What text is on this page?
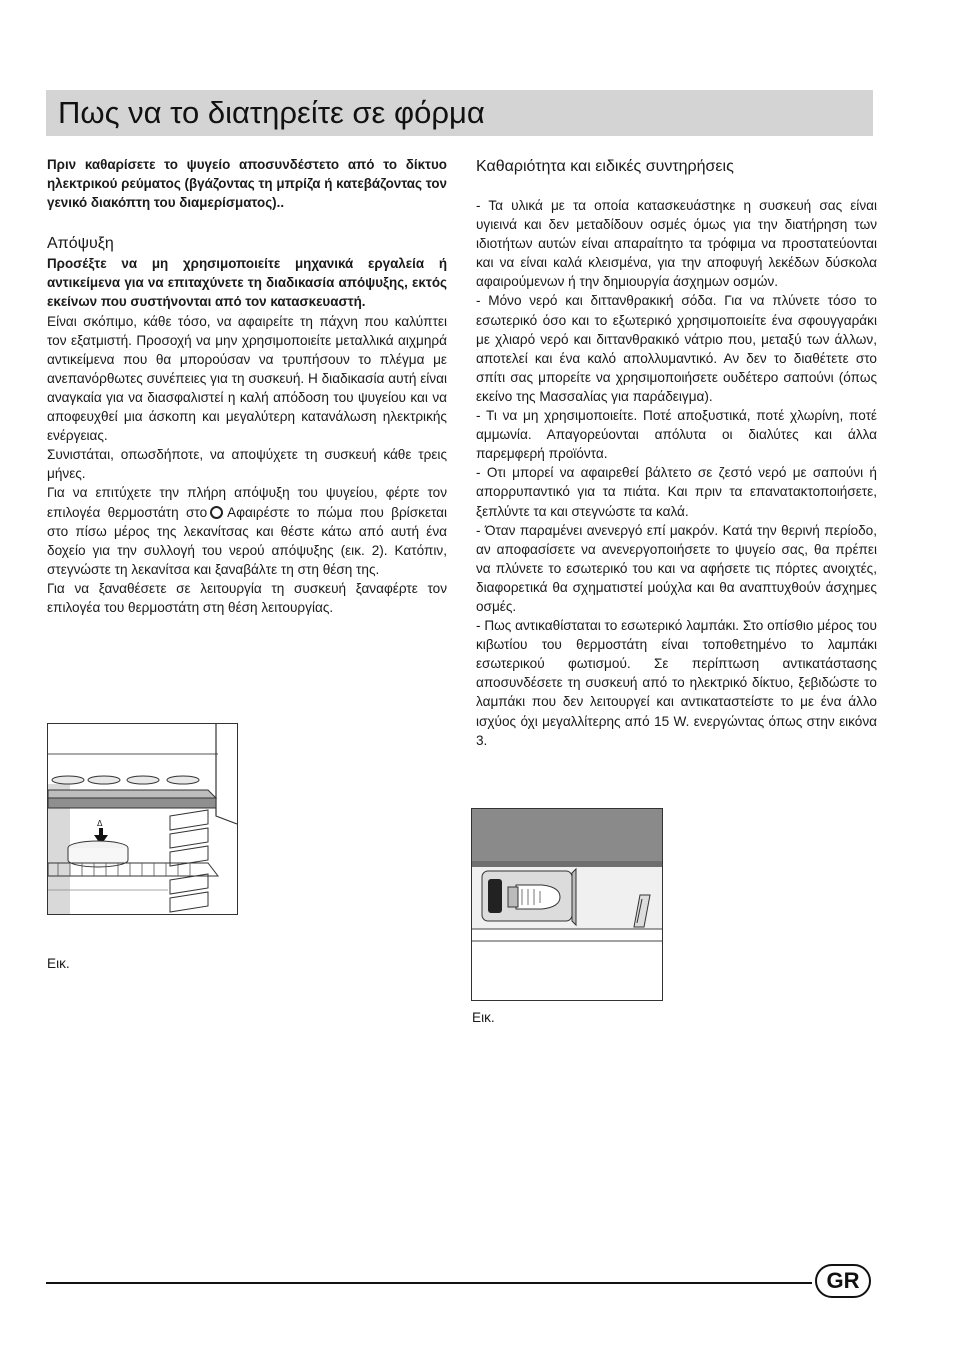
Πως να το διατηρείτε σε φόρμα

Πριν καθαρίσετε το ψυγείο αποσυνδέστετο από το δίκτυο ηλεκτρικού ρεύματος (βγάζοντας τη μπρίζα ή κατεβάζοντας τον γενικό διακόπτη του διαμερίσματος)..

Απόψυξη

Προσέξτε να μη χρησιμοποιείτε μηχανικά εργαλεία ή αντικείμενα για να επιταχύνετε τη διαδικασία απόψυξης, εκτός εκείνων που συστήνονται από τον κατασκευαστή.

Είναι σκόπιμο, κάθε τόσο, να αφαιρείτε τη πάχνη που καλύπτει τον εξατμιστή. Προσοχή να μην χρησιμοποιείτε μεταλλικά αιχμηρά αντικείμενα που θα μπορούσαν να τρυπήσουν το πλέγμα με ανεπανόρθωτες συνέπειες για τη συσκευή. Η διαδικασία αυτή είναι αναγκαία για να διασφαλιστεί η καλή απόδοση του ψυγείου και να αποφευχθεί μια άσκοπη και μεγαλύτερη κατανάλωση ηλεκτρικής ενέργειας.

Συνιστάται, οπωσδήποτε, να αποψύχετε τη συσκευή κάθε τρεις μήνες.

Για να επιτύχετε την πλήρη απόψυξη του ψυγείου, φέρτε τον επιλογέα θερμοστάτη στο Αφαιρέστε το πώμα που βρίσκεται στο πίσω μέρος της λεκανίτσας και θέστε κάτω από αυτή ένα δοχείο για την συλλογή του νερού απόψυξης (εικ. 2). Κατόπιν, στεγνώστε τη λεκανίτσα και ξαναβάλτε τη στη θέση της.

Για να ξαναθέσετε σε λειτουργία τη συσκευή ξαναφέρτε τον επιλογέα του θερμοστάτη στη θέση λειτουργίας.

Δ
Εικ.
Καθαριότητα και ειδικές συντηρήσεις

- Τα υλικά με τα οποία κατασκευάστηκε η συσκευή σας είναι υγιεινά και δεν μεταδίδουν οσμές όμως για την διατήρηση των ιδιοτήτων αυτών είναι απαραίτητο τα τρόφιμα να προστατεύονται και να είναι καλά κλεισμένα, για την αποφυγή λεκέδων δύσκολα αφαιρούμενων ή την δημιουργία άσχημων οσμών.

- Μόνο νερό και διττανθρακική σόδα. Για να πλύνετε τόσο το εσωτερικό όσο και το εξωτερικό χρησιμοποιείτε ένα σφουγγαράκι με χλιαρό νερό και διττανθρακικό νάτριο που, μεταξύ των άλλων, αποτελεί και ένα καλό απολλυμαντικό. Αν δεν το διαθέτετε στο σπίτι σας μπορείτε να χρησιμοποιήσετε ουδέτερο σαπούνι (όπως εκείνο της Μασσαλίας για παράδειγμα).

- Τι να μη χρησιμοποιείτε. Ποτέ αποξυστικά, ποτέ χλωρίνη, ποτέ αμμωνία. Απαγορεύονται απόλυτα οι διαλύτες και άλλα παρεμφερή προϊόντα.

- Οτι μπορεί να αφαιρεθεί βάλτετο σε ζεστό νερό με σαπούνι ή απορρυπαντικό για τα πιάτα. Και πριν τα επανατακτοποιήσετε, ξεπλύντε τα και στεγνώστε τα καλά.

- Όταν παραμένει ανενεργό επί μακρόν. Κατά την θερινή περίοδο, αν αποφασίσετε να ανενεργοποιήσετε το ψυγείο σας, θα πρέπει να πλύνετε το εσωτερικό του και να αφήσετε τις πόρτες ανοιχτές, διαφορετικά θα σχηματιστεί μούχλα και θα αναπτυχθούν άσχημες οσμές.

- Πως αντικαθίσταται το εσωτερικό λαμπάκι. Στο οπίσθιο μέρος του κιβωτίου του θερμοστάτη είναι τοποθετημένο το λαμπάκι εσωτερικού φωτισμού. Σε περίπτωση αντικατάστασης αποσυνδέσετε τη συσκευή από το ηλεκτρικό δίκτυο, ξεβιδώστε το λαμπάκι που δεν λειτουργεί και αντικαταστείστε το με ένα άλλο ισχύος όχι μεγαλλίτερης από 15 W. ενεργώντας όπως στην εικόνα 3.

Εικ.
GR
